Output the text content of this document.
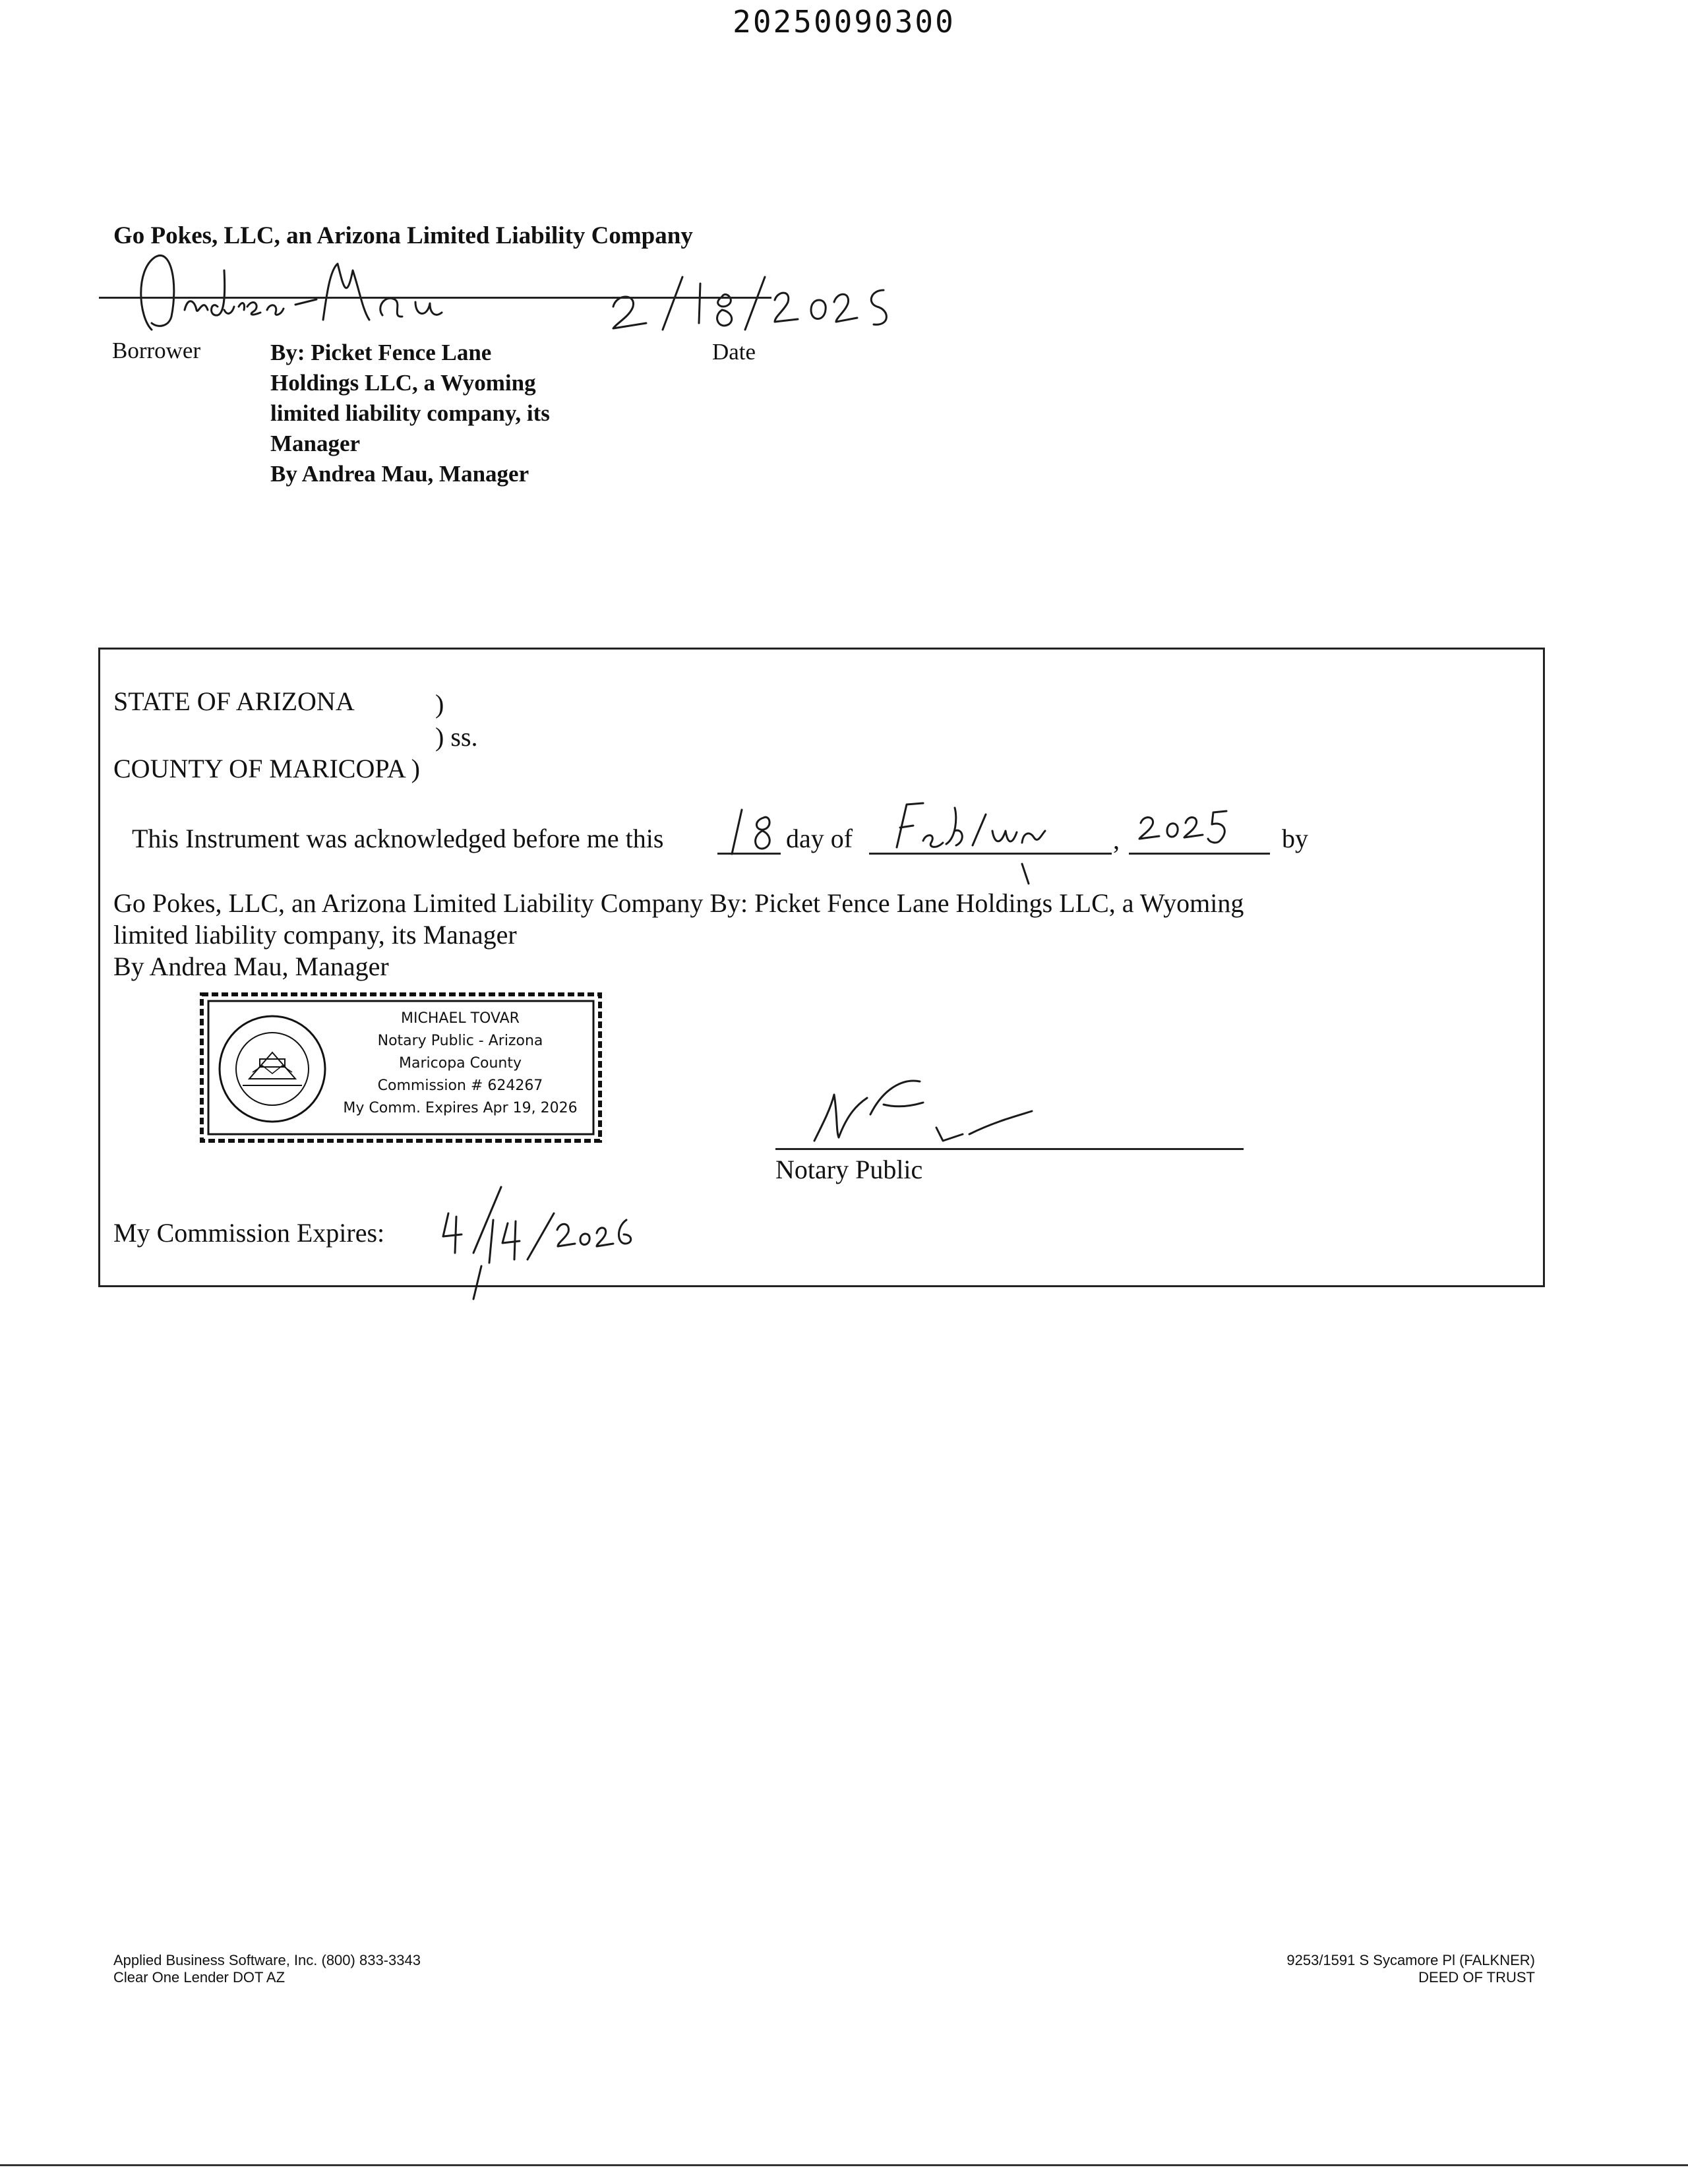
20250090300
Go Pokes, LLC, an Arizona Limited Liability Company
Borrower	Date
By: Picket Fence Lane
Holdings LLC, a Wyoming
limited liability company, its
Manager
By Andrea Mau, Manager
STATE OF ARIZONA	)
) ss.
COUNTY OF MARICOPA )
This Instrument was acknowledged before me this	day of	,	by
Go Pokes, LLC, an Arizona Limited Liability Company By: Picket Fence Lane Holdings LLC, a Wyoming
limited liability company, its Manager
By Andrea Mau, Manager
MICHAEL TOVAR
Notary Public - Arizona
Maricopa County
Commission # 624267
My Comm. Expires Apr 19, 2026
Notary Public
My Commission Expires:
Applied Business Software, Inc. (800) 833-3343
Clear One Lender DOT AZ
9253/1591 S Sycamore Pl (FALKNER)
DEED OF TRUST
